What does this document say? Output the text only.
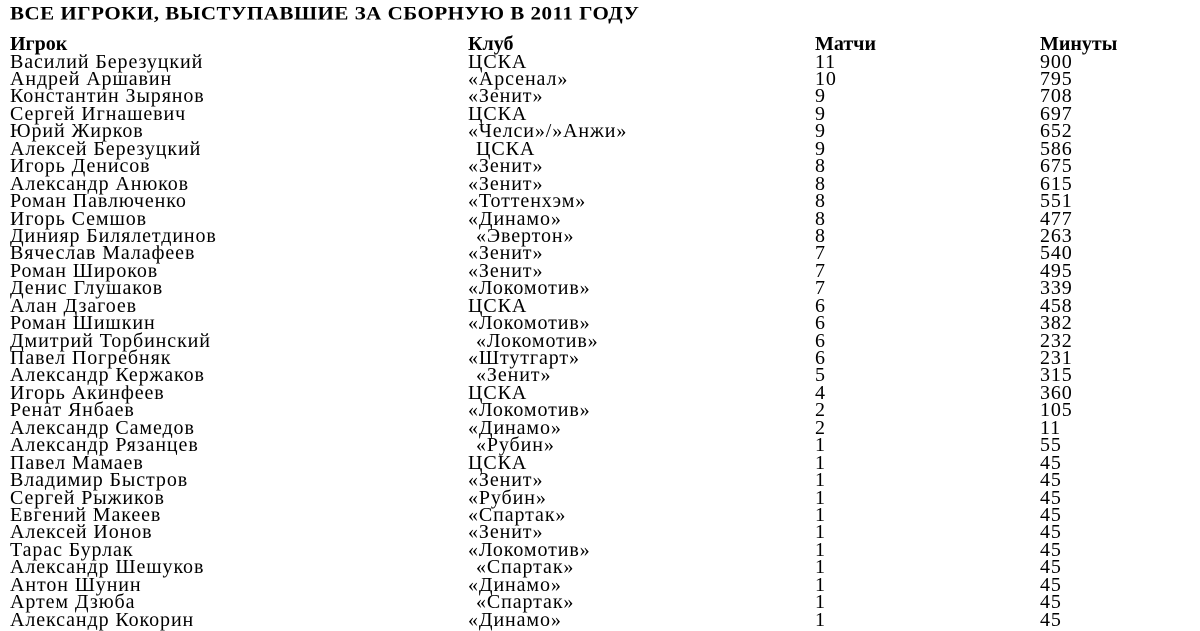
ВСЕ ИГРОКИ, ВЫСТУПАВШИЕ ЗА СБОРНУЮ В 2011 ГОДУ
Игрок	Клуб	Матчи	Минуты
Василий Березуцкий	ЦСКА	11	900
Андрей Аршавин	«Арсенал»	10	795
Константин Зырянов	«Зенит»	9	708
Сергей Игнашевич	ЦСКА	9	697
Юрий Жирков	«Челси»/»Анжи»	9	652
Алексей Березуцкий	ЦСКА	9	586
Игорь Денисов	«Зенит»	8	675
Александр Анюков	«Зенит»	8	615
Роман Павлюченко	«Тоттенхэм»	8	551
Игорь Семшов	«Динамо»	8	477
Динияр Билялетдинов	«Эвертон»	8	263
Вячеслав Малафеев	«Зенит»	7	540
Роман Широков	«Зенит»	7	495
Денис Глушаков	«Локомотив»	7	339
Алан Дзагоев	ЦСКА	6	458
Роман Шишкин	«Локомотив»	6	382
Дмитрий Торбинский	«Локомотив»	6	232
Павел Погребняк	«Штутгарт»	6	231
Александр Кержаков	«Зенит»	5	315
Игорь Акинфеев	ЦСКА	4	360
Ренат Янбаев	«Локомотив»	2	105
Александр Самедов	«Динамо»	2	11
Александр Рязанцев	«Рубин»	1	55
Павел Мамаев	ЦСКА	1	45
Владимир Быстров	«Зенит»	1	45
Сергей Рыжиков	«Рубин»	1	45
Евгений Макеев	«Спартак»	1	45
Алексей Ионов	«Зенит»	1	45
Тарас Бурлак	«Локомотив»	1	45
Александр Шешуков	«Спартак»	1	45
Антон Шунин	«Динамо»	1	45
Артем Дзюба	«Спартак»	1	45
Александр Кокорин	«Динамо»	1	45
